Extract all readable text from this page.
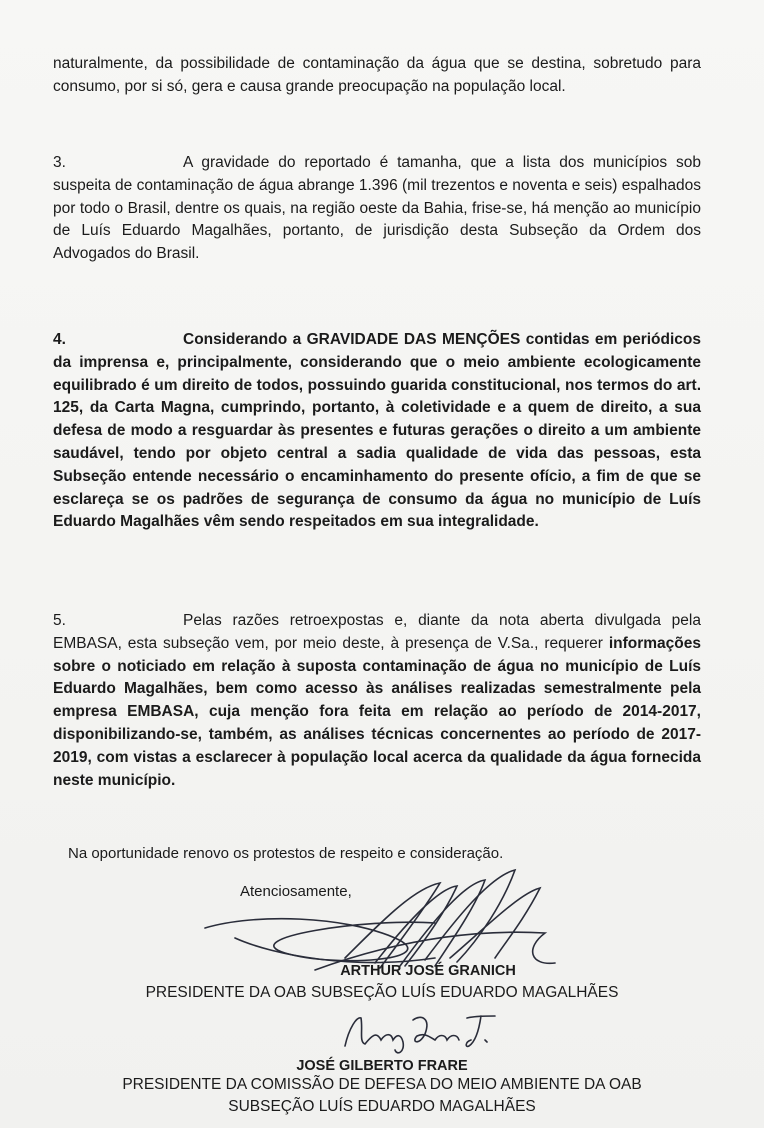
naturalmente, da possibilidade de contaminação da água que se destina, sobretudo para consumo, por si só, gera e causa grande preocupação na população local.

3.	A gravidade do reportado é tamanha, que a lista dos municípios sob suspeita de contaminação de água abrange 1.396 (mil trezentos e noventa e seis) espalhados por todo o Brasil, dentre os quais, na região oeste da Bahia, frise-se, há menção ao município de Luís Eduardo Magalhães, portanto, de jurisdição desta Subseção da Ordem dos Advogados do Brasil.

4.	Considerando a GRAVIDADE DAS MENÇÕES contidas em periódicos da imprensa e, principalmente, considerando que o meio ambiente ecologicamente equilibrado é um direito de todos, possuindo guarida constitucional, nos termos do art. 125, da Carta Magna, cumprindo, portanto, à coletividade e a quem de direito, a sua defesa de modo a resguardar às presentes e futuras gerações o direito a um ambiente saudável, tendo por objeto central a sadia qualidade de vida das pessoas, esta Subseção entende necessário o encaminhamento do presente ofício, a fim de que se esclareça se os padrões de segurança de consumo da água no município de Luís Eduardo Magalhães vêm sendo respeitados em sua integralidade.

5.	Pelas razões retroexpostas e, diante da nota aberta divulgada pela EMBASA, esta subseção vem, por meio deste, à presença de V.Sa., requerer informações sobre o noticiado em relação à suposta contaminação de água no município de Luís Eduardo Magalhães, bem como acesso às análises realizadas semestralmente pela empresa EMBASA, cuja menção fora feita em relação ao período de 2014-2017, disponibilizando-se, também, as análises técnicas concernentes ao período de 2017-2019, com vistas a esclarecer à população local acerca da qualidade da água fornecida neste município.

Na oportunidade renovo os protestos de respeito e consideração.

Atenciosamente,

ARTHUR JOSÉ GRANICH

PRESIDENTE DA OAB SUBSEÇÃO LUÍS EDUARDO MAGALHÃES

JOSÉ GILBERTO FRARE

PRESIDENTE DA COMISSÃO DE DEFESA DO MEIO AMBIENTE DA OAB

SUBSEÇÃO LUÍS EDUARDO MAGALHÃES
